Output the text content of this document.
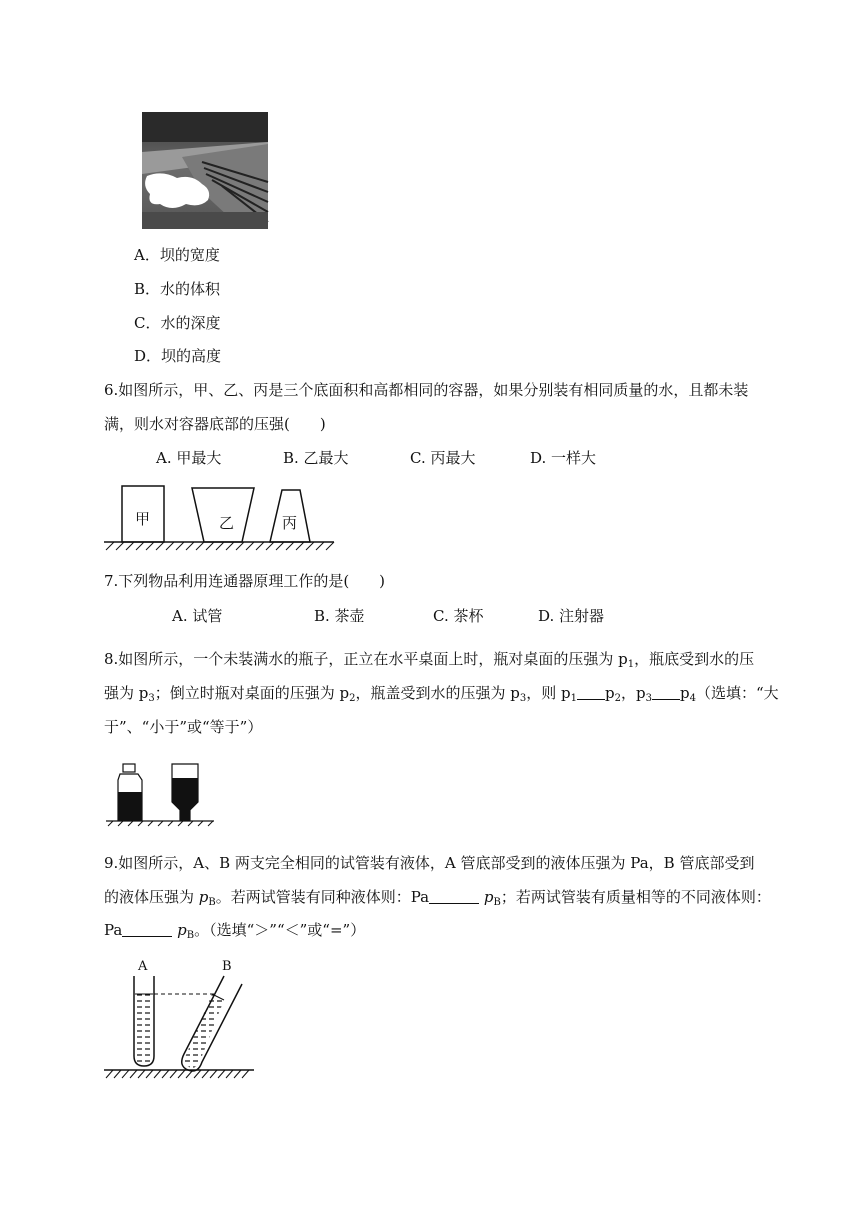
A．坝的宽度
B．水的体积
C．水的深度
D．坝的高度
6.如图所示，甲、乙、丙是三个底面积和高都相同的容器，如果分别装有相同质量的水，且都未装
满，则水对容器底部的压强(　　)
A. 甲最大	B. 乙最大	C. 丙最大	D. 一样大
甲	乙	丙
7.下列物品利用连通器原理工作的是(　　)
A. 试管	B. 茶壶	C. 茶杯	D. 注射器
8.如图所示，一个未装满水的瓶子，正立在水平桌面上时，瓶对桌面的压强为 $p_1$，瓶底受到水的压
强为 $p_3$；倒立时瓶对桌面的压强为 $p_2$，瓶盖受到水的压强为 $p_3$，则 $p_1$ $p_2$，$p_3$ $p_4$（选填：“大
于”、“小于”或“等于”）
9.如图所示，A、B 两支完全相同的试管装有液体，A 管底部受到的液体压强为 Pa，B 管底部受到
的液体压强为 $p_B$。若两试管装有同种液体则：Pa	$p_B$；若两试管装有质量相等的不同液体则：
Pa	$p_B$。（选填“＞”“＜”或“=”）
A	B
